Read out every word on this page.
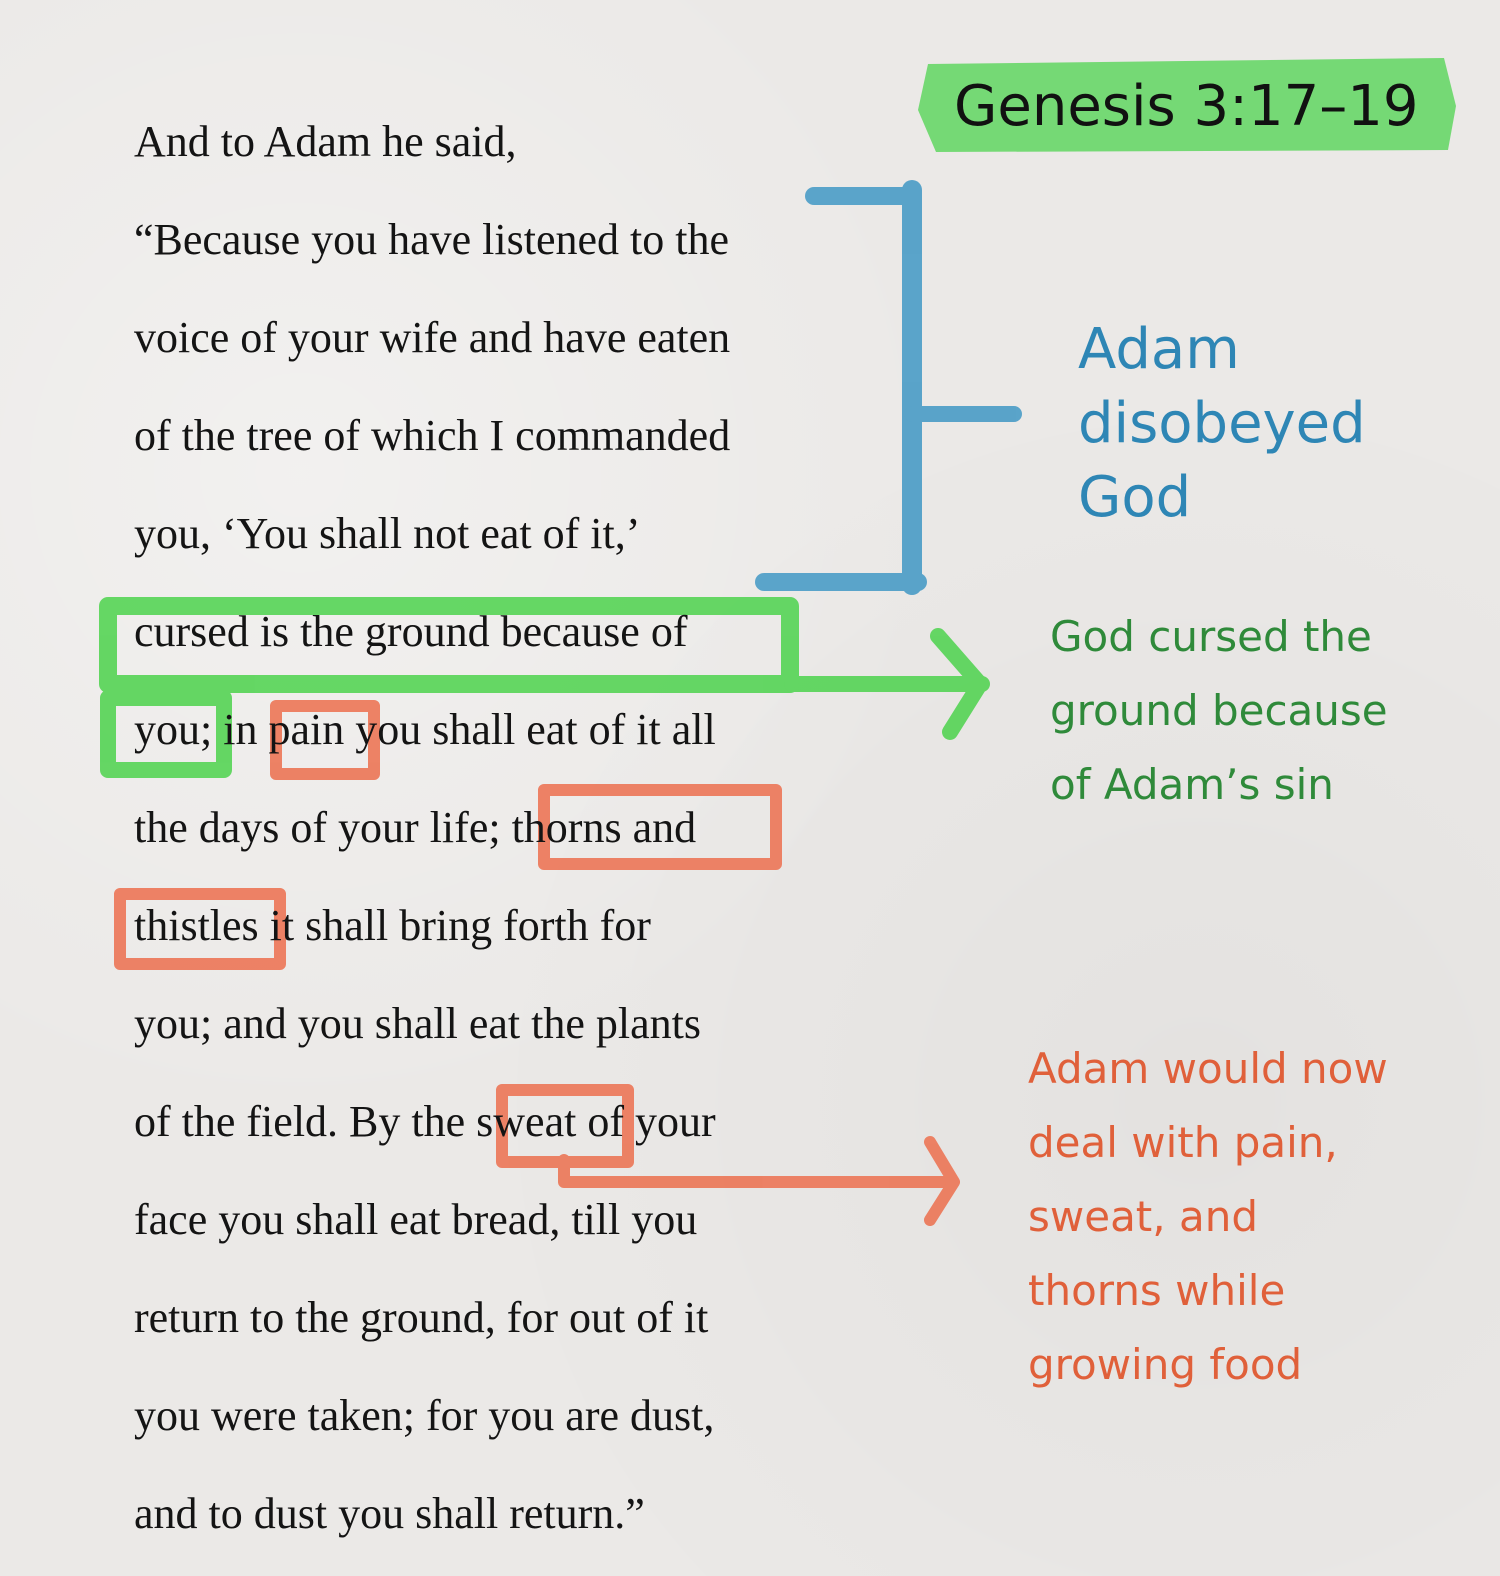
Genesis 3:17–19
And to Adam he said,
“Because you have listened to the
voice of your wife and have eaten
of the tree of which I commanded
you, ‘You shall not eat of it,’
cursed is the ground because of
you; in pain you shall eat of it all
the days of your life; thorns and
thistles it shall bring forth for
you; and you shall eat the plants
of the field. By the sweat of your
face you shall eat bread, till you
return to the ground, for out of it
you were taken; for you are dust,
and to dust you shall return.”
Adam
disobeyed
God
God cursed the
ground because
of Adam’s sin
Adam would now
deal with pain,
sweat, and
thorns while
growing food
